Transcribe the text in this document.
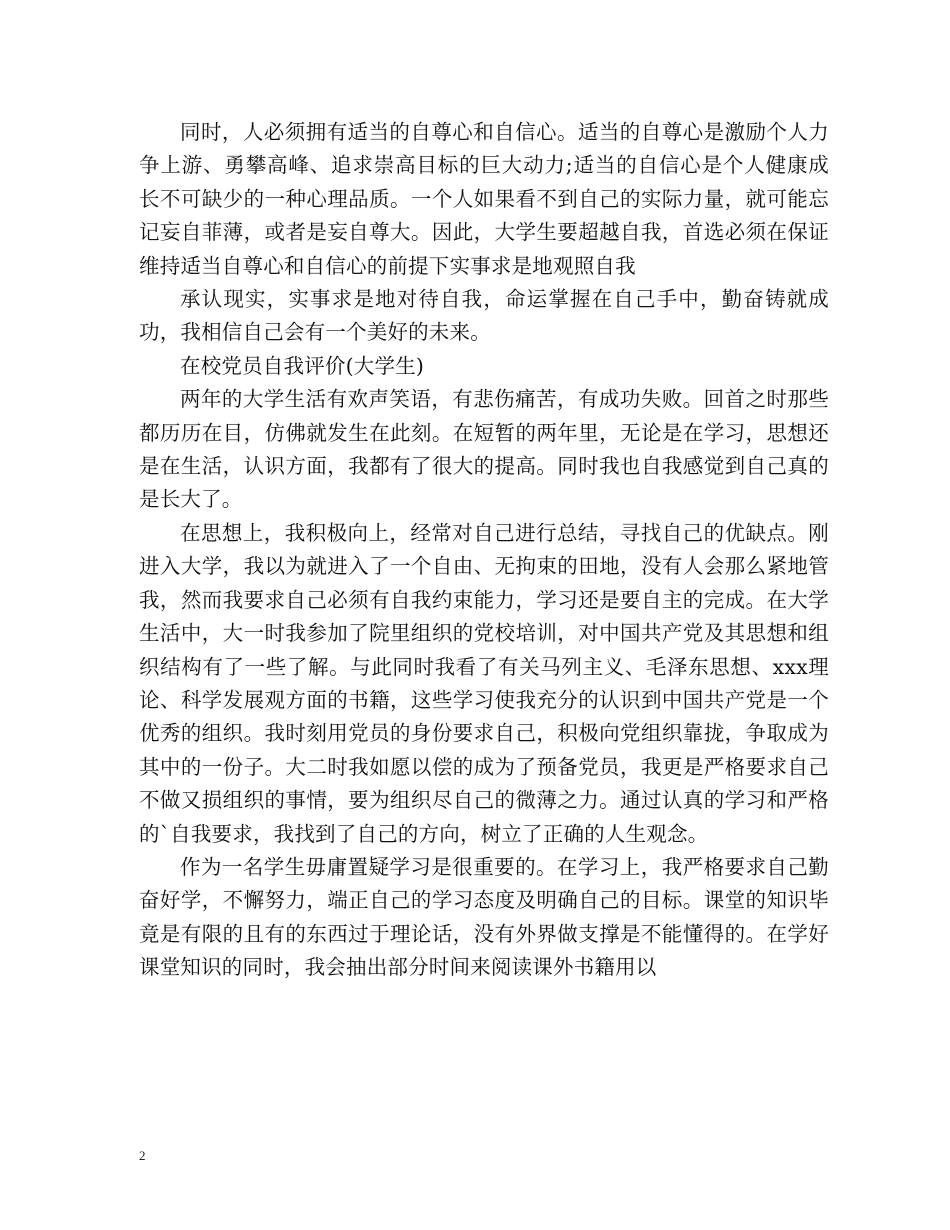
同时，人必须拥有适当的自尊心和自信心。适当的自尊心是激励个人力争上游、勇攀高峰、追求崇高目标的巨大动力;适当的自信心是个人健康成长不可缺少的一种心理品质。一个人如果看不到自己的实际力量，就可能忘记妄自菲薄，或者是妄自尊大。因此，大学生要超越自我，首选必须在保证维持适当自尊心和自信心的前提下实事求是地观照自我

承认现实，实事求是地对待自我，命运掌握在自己手中，勤奋铸就成功，我相信自己会有一个美好的未来。

在校党员自我评价(大学生)

两年的大学生活有欢声笑语，有悲伤痛苦，有成功失败。回首之时那些都历历在目，仿佛就发生在此刻。在短暂的两年里，无论是在学习，思想还是在生活，认识方面，我都有了很大的提高。同时我也自我感觉到自己真的是长大了。

在思想上，我积极向上，经常对自己进行总结，寻找自己的优缺点。刚进入大学，我以为就进入了一个自由、无拘束的田地，没有人会那么紧地管我，然而我要求自己必须有自我约束能力，学习还是要自主的完成。在大学生活中，大一时我参加了院里组织的党校培训，对中国共产党及其思想和组织结构有了一些了解。与此同时我看了有关马列主义、毛泽东思想、xxx理论、科学发展观方面的书籍，这些学习使我充分的认识到中国共产党是一个优秀的组织。我时刻用党员的身份要求自己，积极向党组织靠拢，争取成为其中的一份子。大二时我如愿以偿的成为了预备党员，我更是严格要求自己不做又损组织的事情，要为组织尽自己的微薄之力。通过认真的学习和严格的`自我要求，我找到了自己的方向，树立了正确的人生观念。

作为一名学生毋庸置疑学习是很重要的。在学习上，我严格要求自己勤奋好学，不懈努力，端正自己的学习态度及明确自己的目标。课堂的知识毕竟是有限的且有的东西过于理论话，没有外界做支撑是不能懂得的。在学好课堂知识的同时，我会抽出部分时间来阅读课外书籍用以

2
